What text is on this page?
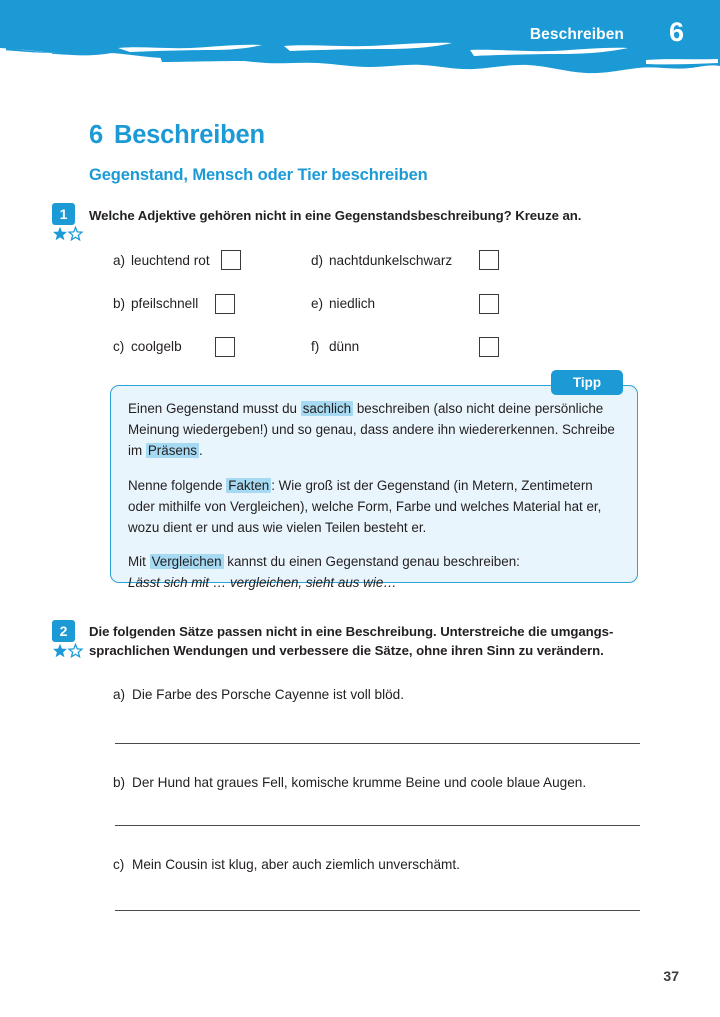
Beschreiben 6
6 Beschreiben
Gegenstand, Mensch oder Tier beschreiben
1	Welche Adjektive gehören nicht in eine Gegenstandsbeschreibung? Kreuze an.
a) leuchtend rot
b) pfeilschnell
c) coolgelb
d) nachtdunkelschwarz
e) niedlich
f) dünn
Tipp

Einen Gegenstand musst du sachlich beschreiben (also nicht deine persönliche Meinung wiedergeben!) und so genau, dass andere ihn wiedererkennen. Schreibe im Präsens .

Nenne folgende Fakten : Wie groß ist der Gegenstand (in Metern, Zentimetern oder mithilfe von Vergleichen), welche Form, Farbe und welches Material hat er, wozu dient er und aus wie vielen Teilen besteht er.

Mit Vergleichen kannst du einen Gegenstand genau beschreiben:
Lässt sich mit … vergleichen, sieht aus wie…

2	Die folgenden Sätze passen nicht in eine Beschreibung. Unterstreiche die umgangs-
sprachlichen Wendungen und verbessere die Sätze, ohne ihren Sinn zu verändern.
a) Die Farbe des Porsche Cayenne ist voll blöd.
b) Der Hund hat graues Fell, komische krumme Beine und coole blaue Augen.
c) Mein Cousin ist klug, aber auch ziemlich unverschämt.
37
